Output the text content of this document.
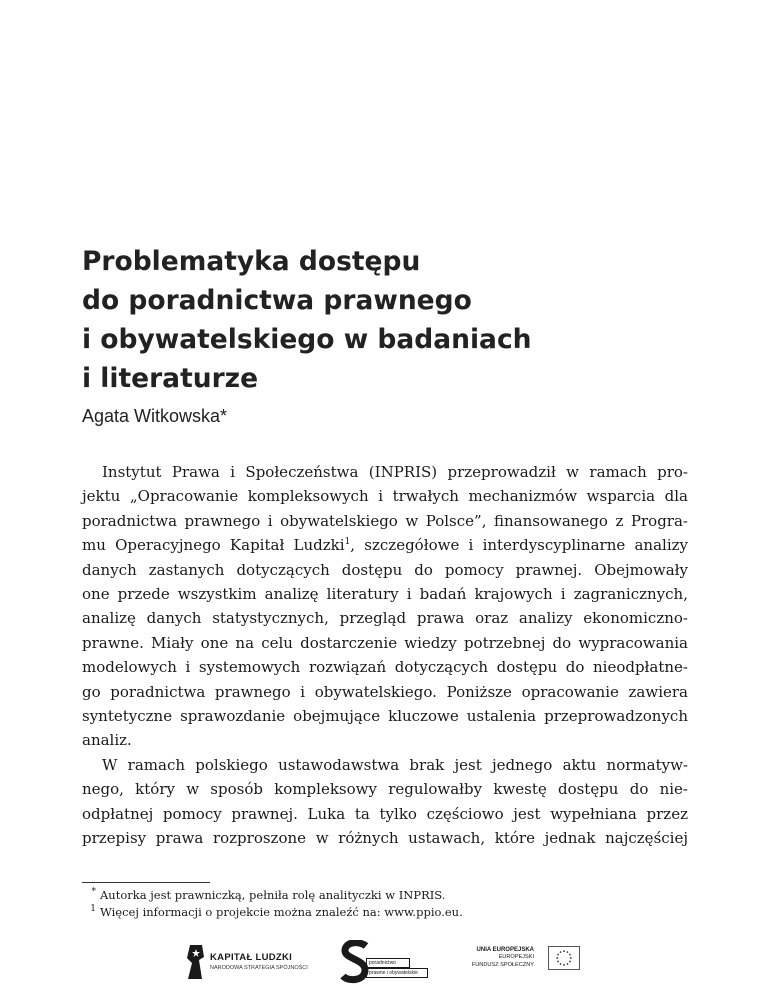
Problematyka dostępu
do poradnictwa prawnego
i obywatelskiego w badaniach
i literaturze

Agata Witkowska*

Instytut Prawa i Społeczeństwa (INPRIS) przeprowadził w ramach pro-
jektu „Opracowanie kompleksowych i trwałych mechanizmów wsparcia dla
poradnictwa prawnego i obywatelskiego w Polsce”, finansowanego z Progra-
mu Operacyjnego Kapitał Ludzki$^1$, szczegółowe i interdyscyplinarne analizy
danych zastanych dotyczących dostępu do pomocy prawnej. Obejmowały
one przede wszystkim analizę literatury i badań krajowych i zagranicznych,
analizę danych statystycznych, przegląd prawa oraz analizy ekonomiczno-
prawne. Miały one na celu dostarczenie wiedzy potrzebnej do wypracowania
modelowych i systemowych rozwiązań dotyczących dostępu do nieodpłatne-
go poradnictwa prawnego i obywatelskiego. Poniższe opracowanie zawiera
syntetyczne sprawozdanie obejmujące kluczowe ustalenia przeprowadzonych
analiz.
W ramach polskiego ustawodawstwa brak jest jednego aktu normatyw-
nego, który w sposób kompleksowy regulowałby kwestę dostępu do nie-
odpłatnej pomocy prawnej. Luka ta tylko częściowo jest wypełniana przez
przepisy prawa rozproszone w różnych ustawach, które jednak najczęściej
* Autorka jest prawniczką, pełniła rolę analityczki w INPRIS.
1 Więcej informacji o projekcie można znaleźć na: www.ppio.eu.
KAPITAŁ LUDZKI
NARODOWA STRATEGIA SPÓJNOŚCI
poradnictwo
prawne i obywatelskie
UNIA EUROPEJSKA
EUROPEJSKI
FUNDUSZ SPOŁECZNY
